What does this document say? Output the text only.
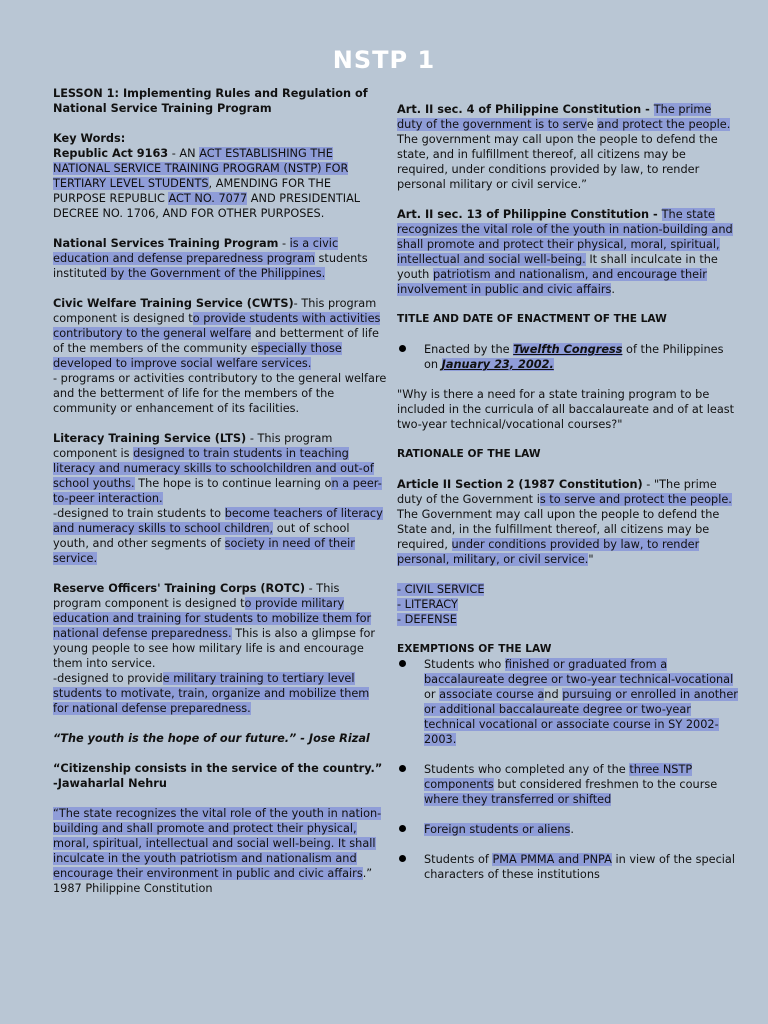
NSTP 1

LESSON 1: Implementing Rules and Regulation of National Service Training Program

Key Words:

Republic Act 9163 - AN ACT ESTABLISHING THE NATIONAL SERVICE TRAINING PROGRAM (NSTP) FOR TERTIARY LEVEL STUDENTS, AMENDING FOR THE PURPOSE REPUBLIC ACT NO. 7077 AND PRESIDENTIAL DECREE NO. 1706, AND FOR OTHER PURPOSES.

National Services Training Program - is a civic education and defense preparedness program students instituted by the Government of the Philippines.

Civic Welfare Training Service (CWTS)- This program component is designed to provide students with activities contributory to the general welfare and betterment of life of the members of the community especially those developed to improve social welfare services.

- programs or activities contributory to the general welfare and the betterment of life for the members of the community or enhancement of its facilities.

Literacy Training Service (LTS) - This program component is designed to train students in teaching literacy and numeracy skills to schoolchildren and out-of school youths. The hope is to continue learning on a peer-to-peer interaction.

-designed to train students to become teachers of literacy and numeracy skills to school children, out of school youth, and other segments of society in need of their service.

Reserve Officers' Training Corps (ROTC) - This program component is designed to provide military education and training for students to mobilize them for national defense preparedness. This is also a glimpse for young people to see how military life is and encourage them into service.

-designed to provide military training to tertiary level students to motivate, train, organize and mobilize them for national defense preparedness.

“The youth is the hope of our future.” - Jose Rizal

“Citizenship consists in the service of the country.” -Jawaharlal Nehru

“The state recognizes the vital role of the youth in nation-building and shall promote and protect their physical, moral, spiritual, intellectual and social well-being. It shall inculcate in the youth patriotism and nationalism and encourage their environment in public and civic affairs.” 1987 Philippine Constitution

Art. II sec. 4 of Philippine Constitution - The prime duty of the government is to serve and protect the people. The government may call upon the people to defend the state, and in fulfillment thereof, all citizens may be required, under conditions provided by law, to render personal military or civil service.”

Art. II sec. 13 of Philippine Constitution - The state recognizes the vital role of the youth in nation-building and shall promote and protect their physical, moral, spiritual, intellectual and social well-being. It shall inculcate in the youth patriotism and nationalism, and encourage their involvement in public and civic affairs.

TITLE AND DATE OF ENACTMENT OF THE LAW

Enacted by the Twelfth Congress of the Philippines on January 23, 2002.

"Why is there a need for a state training program to be included in the curricula of all baccalaureate and of at least two-year technical/vocational courses?"

RATIONALE OF THE LAW

Article II Section 2 (1987 Constitution) - "The prime duty of the Government is to serve and protect the people. The Government may call upon the people to defend the State and, in the fulfillment thereof, all citizens may be required, under conditions provided by law, to render personal, military, or civil service."

- CIVIL SERVICE

- LITERACY

- DEFENSE

EXEMPTIONS OF THE LAW

Students who finished or graduated from a baccalaureate degree or two-year technical-vocational or associate course and pursuing or enrolled in another or additional baccalaureate degree or two-year technical vocational or associate course in SY 2002-2003.

Students who completed any of the three NSTP components but considered freshmen to the course where they transferred or shifted

Foreign students or aliens.

Students of PMA PMMA and PNPA in view of the special characters of these institutions
